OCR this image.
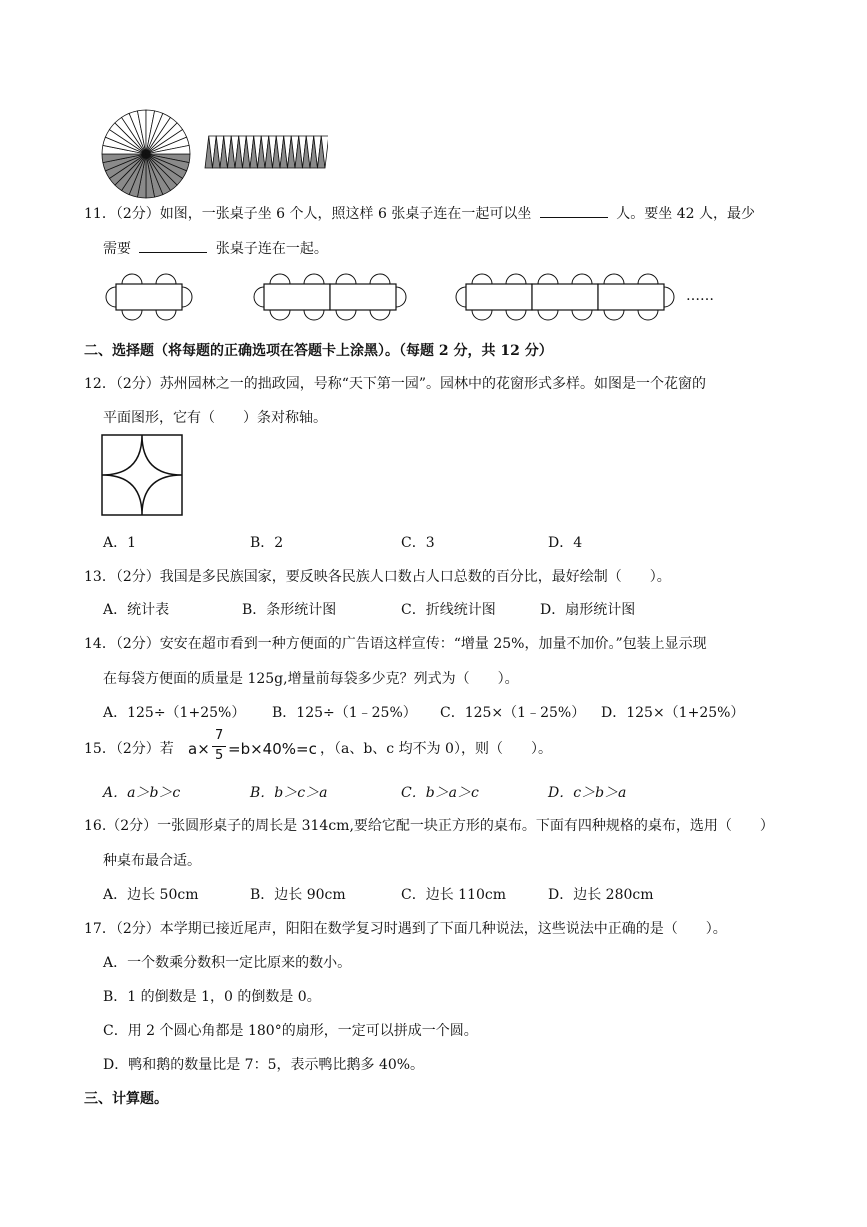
11．（2分）如图，一张桌子坐 6 个人，照这样 6 张桌子连在一起可以坐	人。要坐 42 人，最少
需要	张桌子连在一起。
……
二、选择题（将每题的正确选项在答题卡上涂黑）。（每题 2 分，共 12 分）
12．（2分）苏州园林之一的拙政园，号称“天下第一园”。园林中的花窗形式多样。如图是一个花窗的
平面图形，它有（　　）条对称轴。
A．1	B．2	C．3	D．4
13．（2分）我国是多民族国家，要反映各民族人口数占人口总数的百分比，最好绘制（　　）。
A．统计表	B．条形统计图	C．折线统计图	D．扇形统计图
14．（2分）安安在超市看到一种方便面的广告语这样宣传：“增量 25%，加量不加价。”包装上显示现
在每袋方便面的质量是 125g,增量前每袋多少克？列式为（　　）。
A．125÷（1+25%） B．125÷（1﹣25%） C．125×（1﹣25%） D．125×（1+25%）
15．（2分）若 a×
7
5 =b×40%=c ，（a、b、c 均不为 0），则（　　）。
A．a＞b＞c	B．b＞c＞a	C．b＞a＞c	D．c＞b＞a
16.（2分）一张圆形桌子的周长是 314cm,要给它配一块正方形的桌布。下面有四种规格的桌布，选用（　　）
种桌布最合适。
A．边长 50cm	B．边长 90cm	C．边长 110cm	D．边长 280cm
17．（2分）本学期已接近尾声，阳阳在数学复习时遇到了下面几种说法，这些说法中正确的是（　　）。
A．一个数乘分数积一定比原来的数小。
B．1 的倒数是 1，0 的倒数是 0。
C．用 2 个圆心角都是 180°的扇形，一定可以拼成一个圆。
D．鸭和鹅的数量比是 7：5，表示鸭比鹅多 40%。
三、计算题。
